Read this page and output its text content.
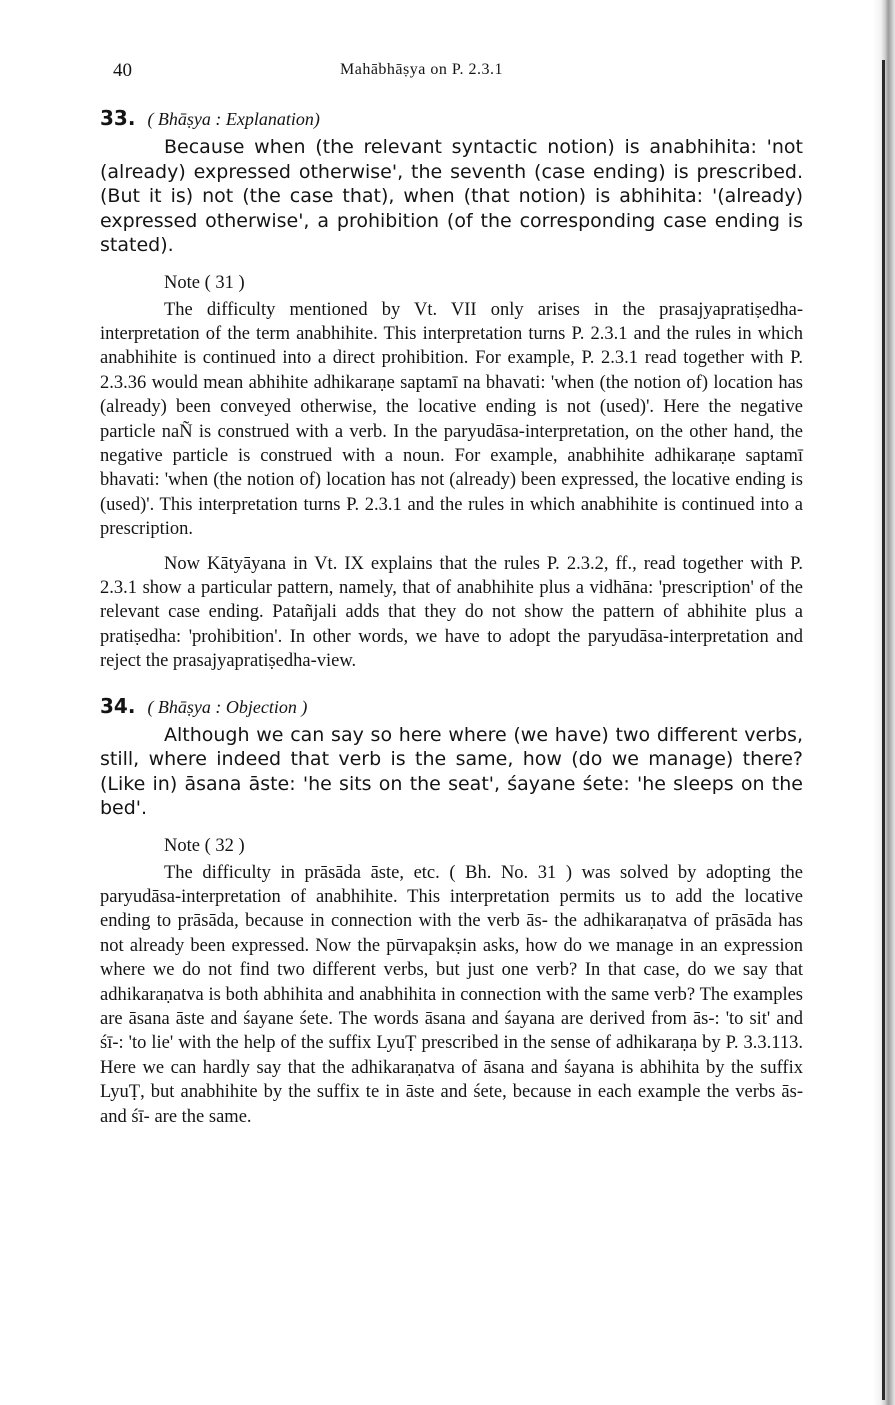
40	Mahābhāṣya on P. 2.3.1

33. ( Bhāṣya : Explanation)

Because when (the relevant syntactic notion) is anabhihita: 'not (already) expressed otherwise', the seventh (case ending) is prescribed. (But it is) not (the case that), when (that notion) is abhihita: '(already) expressed otherwise', a prohibition (of the corresponding case ending is stated).

Note ( 31 )

The difficulty mentioned by Vt. VII only arises in the prasajyapratiṣedha-interpretation of the term anabhihite. This interpretation turns P. 2.3.1 and the rules in which anabhihite is continued into a direct prohibition. For example, P. 2.3.1 read together with P. 2.3.36 would mean abhihite adhikaraṇe saptamī na bhavati: 'when (the notion of) location has (already) been conveyed otherwise, the locative ending is not (used)'. Here the negative particle naÑ is construed with a verb. In the paryudāsa-interpretation, on the other hand, the negative particle is construed with a noun. For example, anabhihite adhikaraṇe saptamī bhavati: 'when (the notion of) location has not (already) been expressed, the locative ending is (used)'. This interpretation turns P. 2.3.1 and the rules in which anabhihite is continued into a prescription.

Now Kātyāyana in Vt. IX explains that the rules P. 2.3.2, ff., read together with P. 2.3.1 show a particular pattern, namely, that of anabhihite plus a vidhāna: 'prescription' of the relevant case ending. Patañjali adds that they do not show the pattern of abhihite plus a pratiṣedha: 'prohibition'. In other words, we have to adopt the paryudāsa-interpretation and reject the prasajyapratiṣedha-view.

34. ( Bhāṣya : Objection )

Although we can say so here where (we have) two different verbs, still, where indeed that verb is the same, how (do we manage) there? (Like in) āsana āste: 'he sits on the seat', śayane śete: 'he sleeps on the bed'.

Note ( 32 )

The difficulty in prāsāda āste, etc. ( Bh. No. 31 ) was solved by adopting the paryudāsa-interpretation of anabhihite. This interpretation permits us to add the locative ending to prāsāda, because in connection with the verb ās- the adhikaraṇatva of prāsāda has not already been expressed. Now the pūrvapakṣin asks, how do we manage in an expression where we do not find two different verbs, but just one verb? In that case, do we say that adhikaraṇatva is both abhihita and anabhihita in connection with the same verb? The examples are āsana āste and śayane śete. The words āsana and śayana are derived from ās-: 'to sit' and śī-: 'to lie' with the help of the suffix LyuṬ prescribed in the sense of adhikaraṇa by P. 3.3.113. Here we can hardly say that the adhikaraṇatva of āsana and śayana is abhihita by the suffix LyuṬ, but anabhihite by the suffix te in āste and śete, because in each example the verbs ās- and śī- are the same.
